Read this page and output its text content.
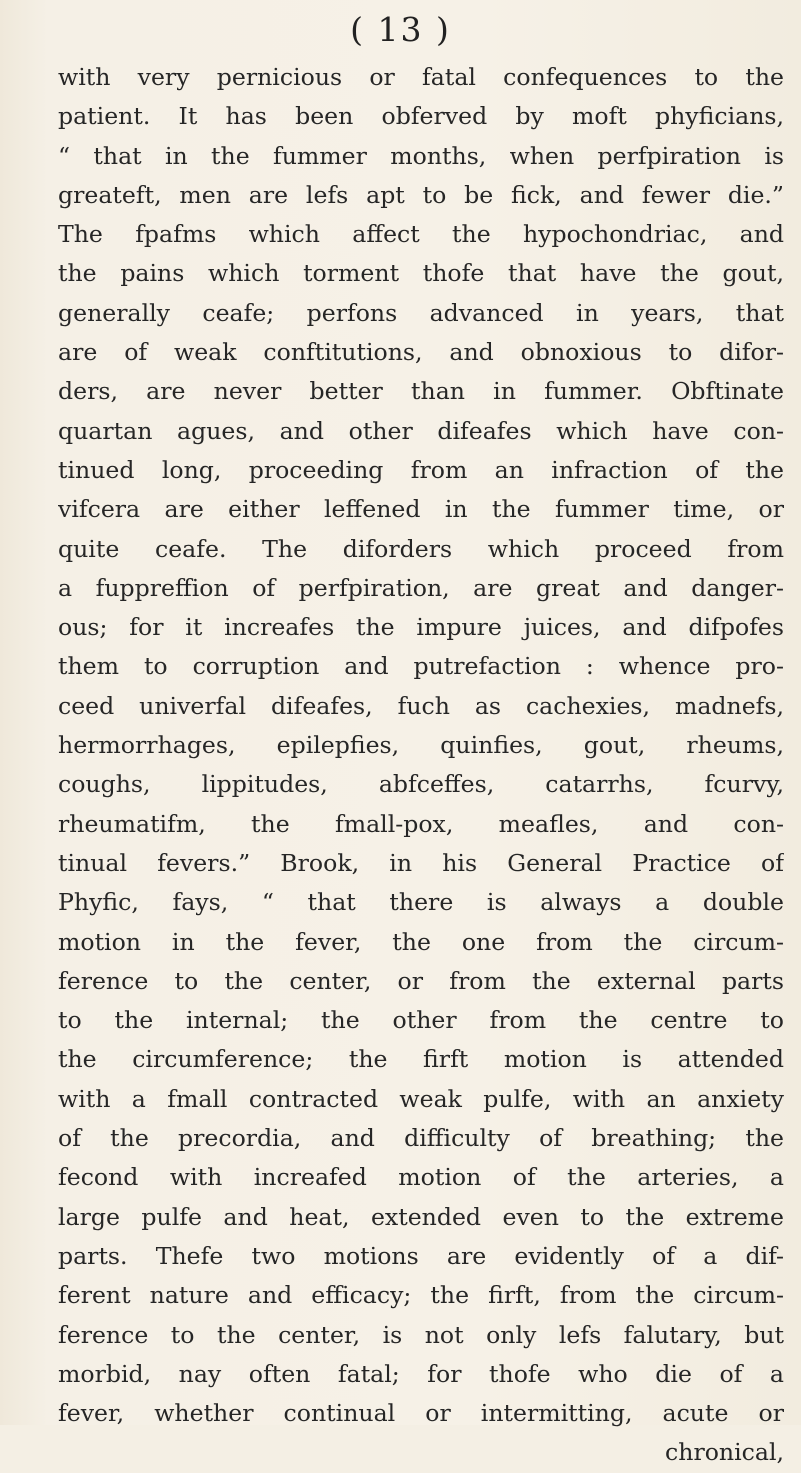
( 13 )
with very pernicious or fatal confequences to the
patient. It has been obferved by moft phyficians,
“ that in the fummer months, when perfpiration is
greateft, men are lefs apt to be fick, and fewer die.”
The fpafms which affect the hypochondriac, and
the pains which torment thofe that have the gout,
generally ceafe; perfons advanced in years, that
are of weak conftitutions, and obnoxious to difor-
ders, are never better than in fummer. Obftinate
quartan agues, and other difeafes which have con-
tinued long, proceeding from an infraction of the
vifcera are either leffened in the fummer time, or
quite ceafe. The diforders which proceed from
a fuppreffion of perfpiration, are great and danger-
ous; for it increafes the impure juices, and difpofes
them to corruption and putrefaction : whence pro-
ceed univerfal difeafes, fuch as cachexies, madnefs,
hermorrhages, epilepfies, quinfies, gout, rheums,
coughs, lippitudes, abfceffes, catarrhs, fcurvy,
rheumatifm, the fmall-pox, meafles, and con-
tinual fevers.” Brook, in his General Practice of
Phyfic, fays, “ that there is always a double
motion in the fever, the one from the circum-
ference to the center, or from the external parts
to the internal; the other from the centre to
the circumference; the firft motion is attended
with a fmall contracted weak pulfe, with an anxiety
of the precordia, and difficulty of breathing; the
fecond with increafed motion of the arteries, a
large pulfe and heat, extended even to the extreme
parts. Thefe two motions are evidently of a dif-
ferent nature and efficacy; the firft, from the circum-
ference to the center, is not only lefs falutary, but
morbid, nay often fatal; for thofe who die of a
fever, whether continual or intermitting, acute or
chronical,
